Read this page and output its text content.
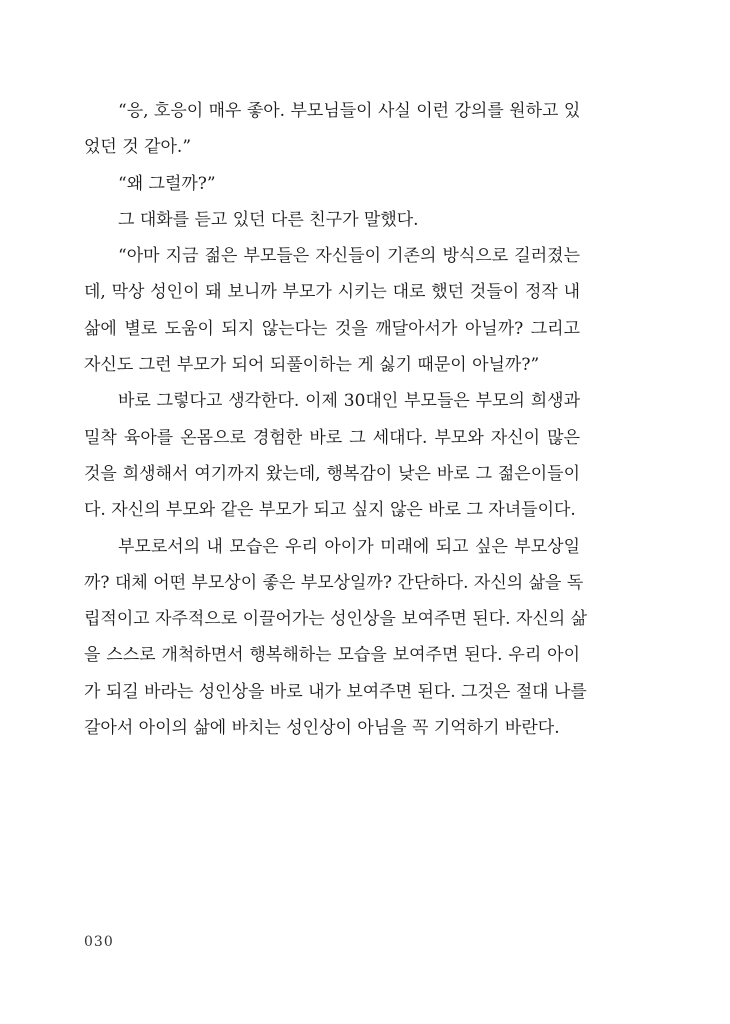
“응, 호응이 매우 좋아. 부모님들이 사실 이런 강의를 원하고 있
었던 것 같아.”
“왜 그럴까?”
그 대화를 듣고 있던 다른 친구가 말했다.
“아마 지금 젊은 부모들은 자신들이 기존의 방식으로 길러졌는
데, 막상 성인이 돼 보니까 부모가 시키는 대로 했던 것들이 정작 내
삶에 별로 도움이 되지 않는다는 것을 깨달아서가 아닐까? 그리고
자신도 그런 부모가 되어 되풀이하는 게 싫기 때문이 아닐까?”
바로 그렇다고 생각한다. 이제 30대인 부모들은 부모의 희생과
밀착 육아를 온몸으로 경험한 바로 그 세대다. 부모와 자신이 많은
것을 희생해서 여기까지 왔는데, 행복감이 낮은 바로 그 젊은이들이
다. 자신의 부모와 같은 부모가 되고 싶지 않은 바로 그 자녀들이다.
부모로서의 내 모습은 우리 아이가 미래에 되고 싶은 부모상일
까? 대체 어떤 부모상이 좋은 부모상일까? 간단하다. 자신의 삶을 독
립적이고 자주적으로 이끌어가는 성인상을 보여주면 된다. 자신의 삶
을 스스로 개척하면서 행복해하는 모습을 보여주면 된다. 우리 아이
가 되길 바라는 성인상을 바로 내가 보여주면 된다. 그것은 절대 나를
갈아서 아이의 삶에 바치는 성인상이 아님을 꼭 기억하기 바란다.
030
